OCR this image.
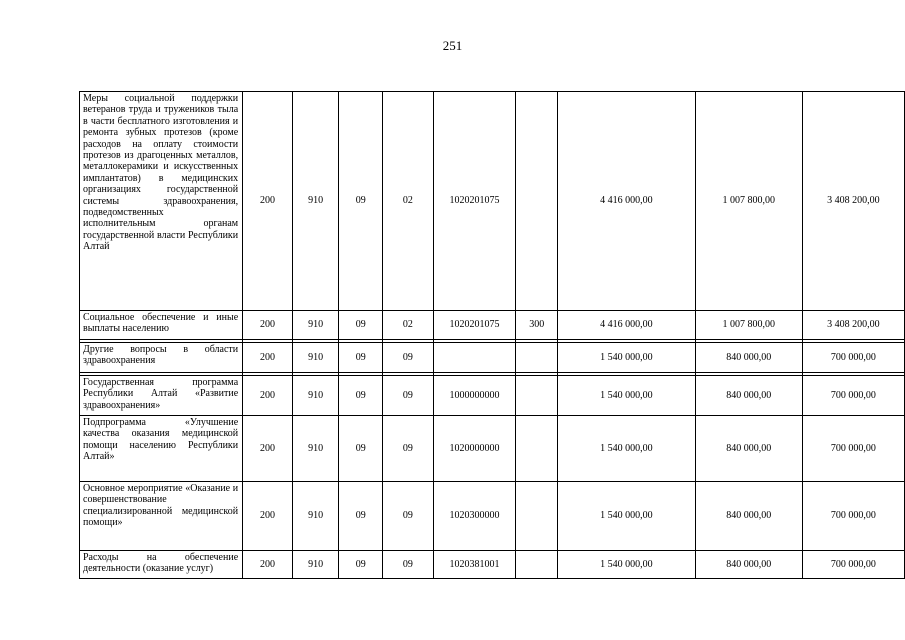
251
Меры социальной поддержки ветеранов труда и тружеников тыла в части бесплатного изготовления и ремонта зубных протезов (кроме расходов на оплату стоимости протезов из драгоценных металлов, металлокерамики и искусственных имплантатов) в медицинских организациях государственной системы здравоохранения, подведомственных исполнительным органам государственной власти Республики Алтай	200	910	09	02	1020201075		4 416 000,00	1 007 800,00	3 408 200,00
Социальное обеспечение и иные выплаты населению	200	910	09	02	1020201075	300	4 416 000,00	1 007 800,00	3 408 200,00

Другие вопросы в области здравоохранения	200	910	09	09			1 540 000,00	840 000,00	700 000,00

Государственная программа Республики Алтай «Развитие здравоохранения»	200	910	09	09	1000000000		1 540 000,00	840 000,00	700 000,00
Подпрограмма «Улучшение качества оказания медицинской помощи населению Республики Алтай»	200	910	09	09	1020000000		1 540 000,00	840 000,00	700 000,00
Основное мероприятие «Оказание и совершенствование специализированной медицинской помощи»	200	910	09	09	1020300000		1 540 000,00	840 000,00	700 000,00
Расходы на обеспечение деятельности (оказание услуг)	200	910	09	09	1020381001		1 540 000,00	840 000,00	700 000,00
